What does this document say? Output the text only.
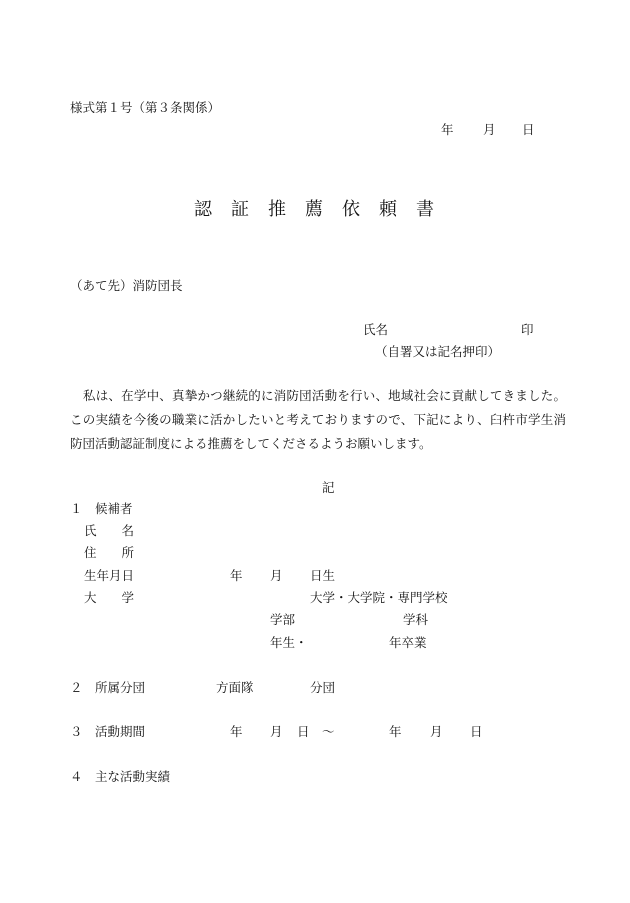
様式第１号（第３条関係）
年 月 日
認 証 推 薦 依 頼 書
（あて先）消防団長
氏名	印
（自署又は記名押印）
私は、在学中、真摯かつ継続的に消防団活動を行い、地域社会に貢献してきました。この実績を今後の職業に活かしたいと考えておりますので、下記により、臼杵市学生消防団活動認証制度による推薦をしてくださるようお願いします。
記
１　候補者
氏　　名
住　　所
生年月日	年 月 日生
大　　学	大学・大学院・専門学校
学部	学科
年生・	年卒業
２　所属分団	方面隊	分団
３　活動期間	年 月 日 ～	年 月 日
４　主な活動実績
